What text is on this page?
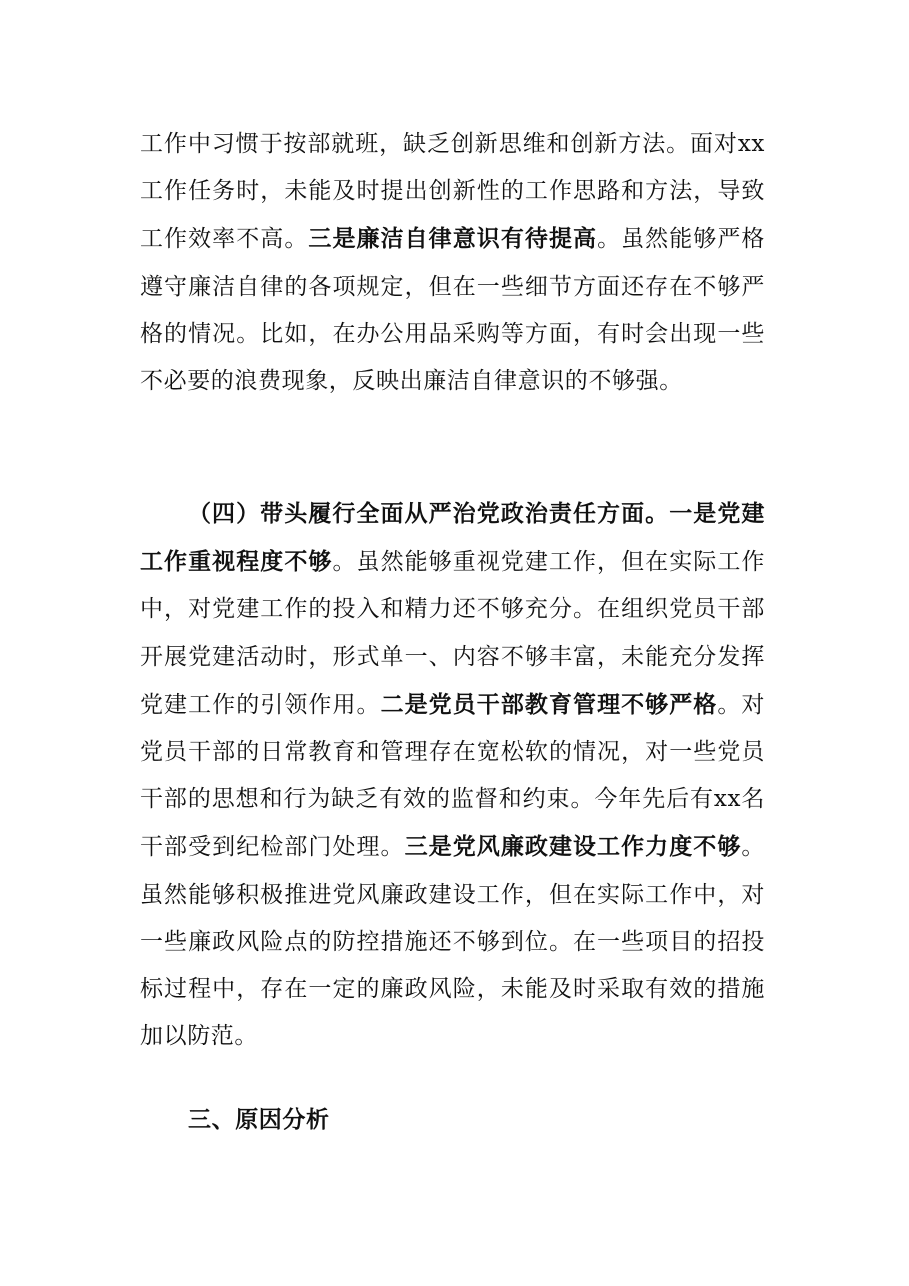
工作中习惯于按部就班，缺乏创新思维和创新方法。面对xx工作任务时，未能及时提出创新性的工作思路和方法，导致工作效率不高。三是廉洁自律意识有待提高。虽然能够严格遵守廉洁自律的各项规定，但在一些细节方面还存在不够严格的情况。比如，在办公用品采购等方面，有时会出现一些不必要的浪费现象，反映出廉洁自律意识的不够强。

（四）带头履行全面从严治党政治责任方面。一是党建工作重视程度不够。虽然能够重视党建工作，但在实际工作中，对党建工作的投入和精力还不够充分。在组织党员干部开展党建活动时，形式单一、内容不够丰富，未能充分发挥党建工作的引领作用。二是党员干部教育管理不够严格。对党员干部的日常教育和管理存在宽松软的情况，对一些党员干部的思想和行为缺乏有效的监督和约束。今年先后有xx名干部受到纪检部门处理。三是党风廉政建设工作力度不够。虽然能够积极推进党风廉政建设工作，但在实际工作中，对一些廉政风险点的防控措施还不够到位。在一些项目的招投标过程中，存在一定的廉政风险，未能及时采取有效的措施加以防范。

三、原因分析
